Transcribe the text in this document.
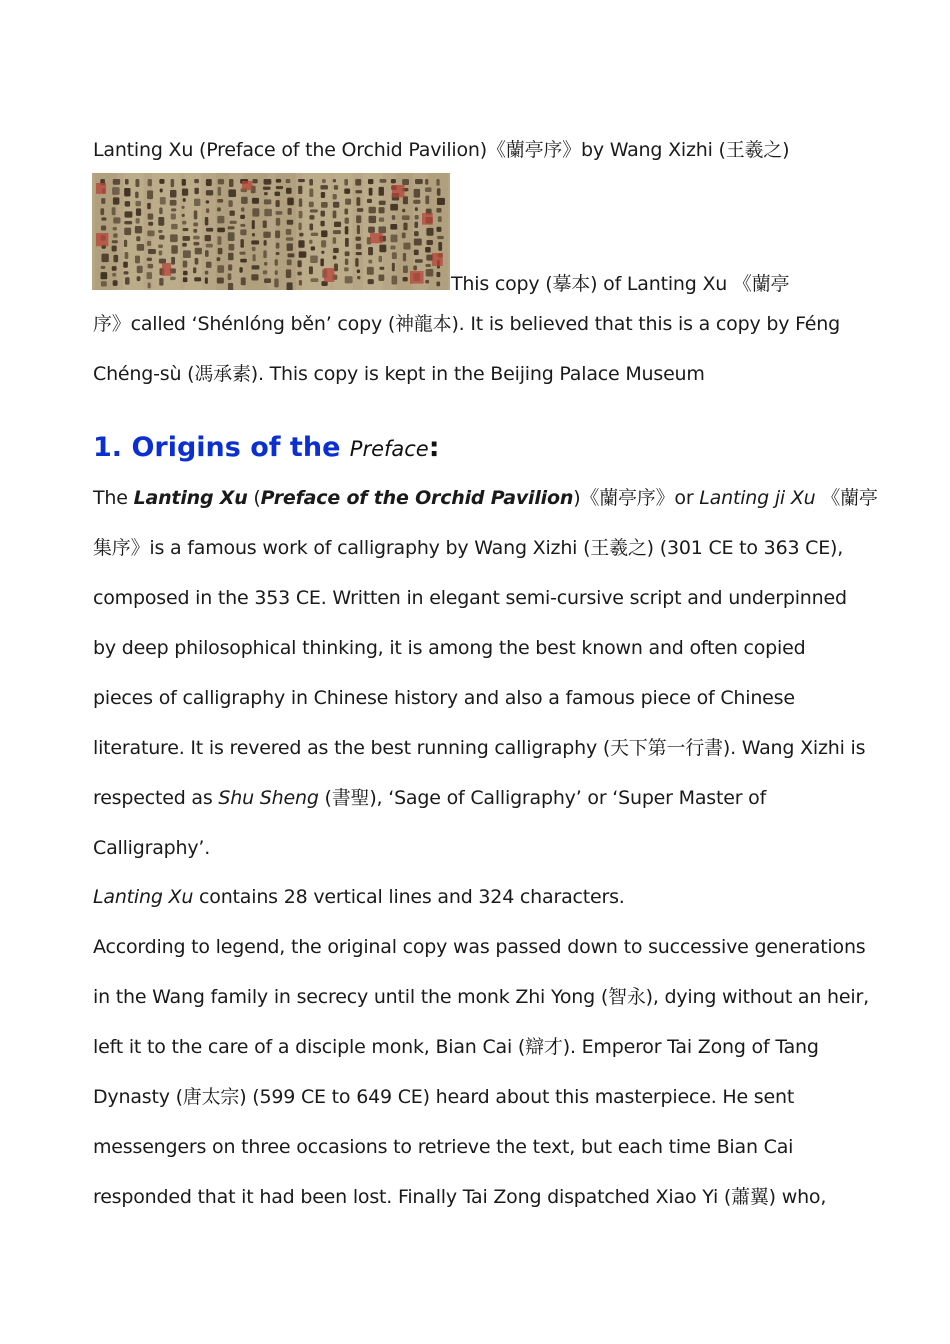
Lanting Xu (Preface of the Orchid Pavilion)《蘭亭序》by Wang Xizhi (王羲之)
This copy (摹本) of Lanting Xu 《蘭亭
序》called ‘Shénlóng běn’ copy (神龍本). It is believed that this is a copy by Féng
Chéng-sù (馮承素). This copy is kept in the Beijing Palace Museum
1. Origins of the Preface:
The Lanting Xu (Preface of the Orchid Pavilion)《蘭亭序》or Lanting ji Xu 《蘭亭
集序》is a famous work of calligraphy by Wang Xizhi (王羲之) (301 CE to 363 CE),
composed in the 353 CE. Written in elegant semi-cursive script and underpinned
by deep philosophical thinking, it is among the best known and often copied
pieces of calligraphy in Chinese history and also a famous piece of Chinese
literature. It is revered as the best running calligraphy (天下第一行書). Wang Xizhi is
respected as Shu Sheng (書聖), ‘Sage of Calligraphy’ or ‘Super Master of
Calligraphy’.
Lanting Xu contains 28 vertical lines and 324 characters.
According to legend, the original copy was passed down to successive generations
in the Wang family in secrecy until the monk Zhi Yong (智永), dying without an heir,
left it to the care of a disciple monk, Bian Cai (辯才). Emperor Tai Zong of Tang
Dynasty (唐太宗) (599 CE to 649 CE) heard about this masterpiece. He sent
messengers on three occasions to retrieve the text, but each time Bian Cai
responded that it had been lost. Finally Tai Zong dispatched Xiao Yi (蕭翼) who,
